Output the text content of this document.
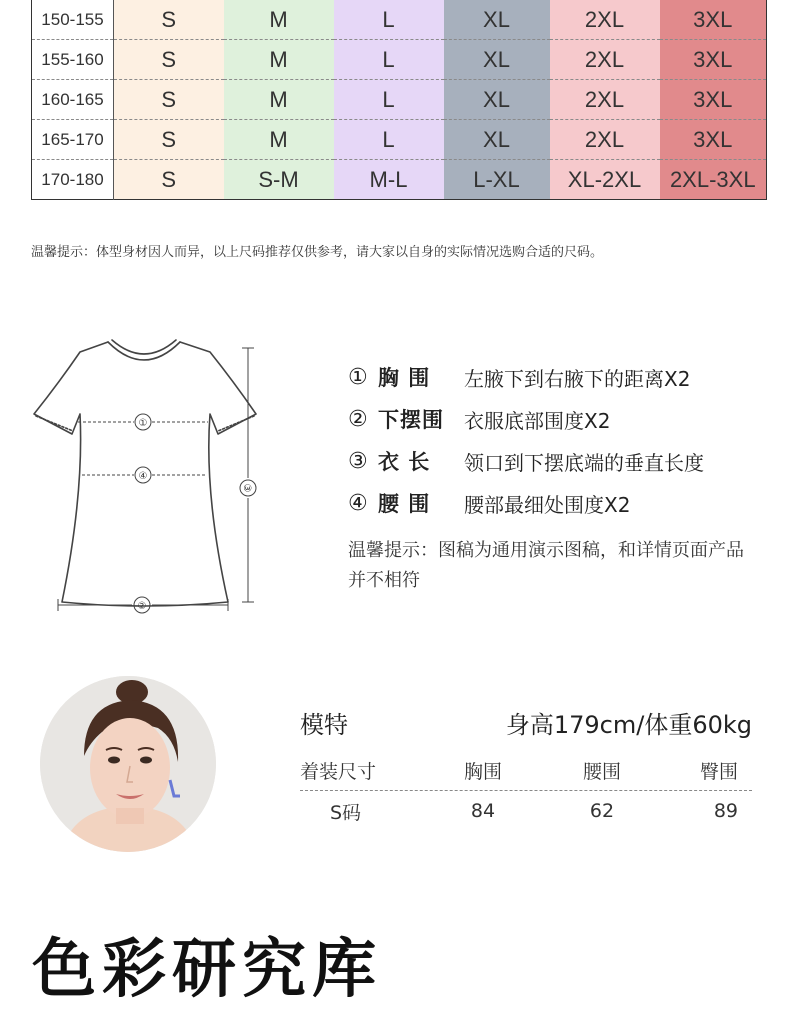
150-155	S	M	L	XL	2XL	3XL
155-160	S	M	L	XL	2XL	3XL
160-165	S	M	L	XL	2XL	3XL
165-170	S	M	L	XL	2XL	3XL
170-180	S	S-M	M-L	L-XL	XL-2XL	2XL-3XL
温馨提示：体型身材因人而异，以上尺码推荐仅供参考，请大家以自身的实际情况选购合适的尺码。
①
④
③
②
① 胸 围	左腋下到右腋下的距离X2
② 下摆围	衣服底部围度X2
③ 衣 长	领口到下摆底端的垂直长度
④ 腰 围	腰部最细处围度X2
温馨提示：图稿为通用演示图稿，和详情页面产品并不相符
模特	身高179cm/体重60kg
着装尺寸	胸围	腰围	臀围
S码	84	62	89
色彩研究库
